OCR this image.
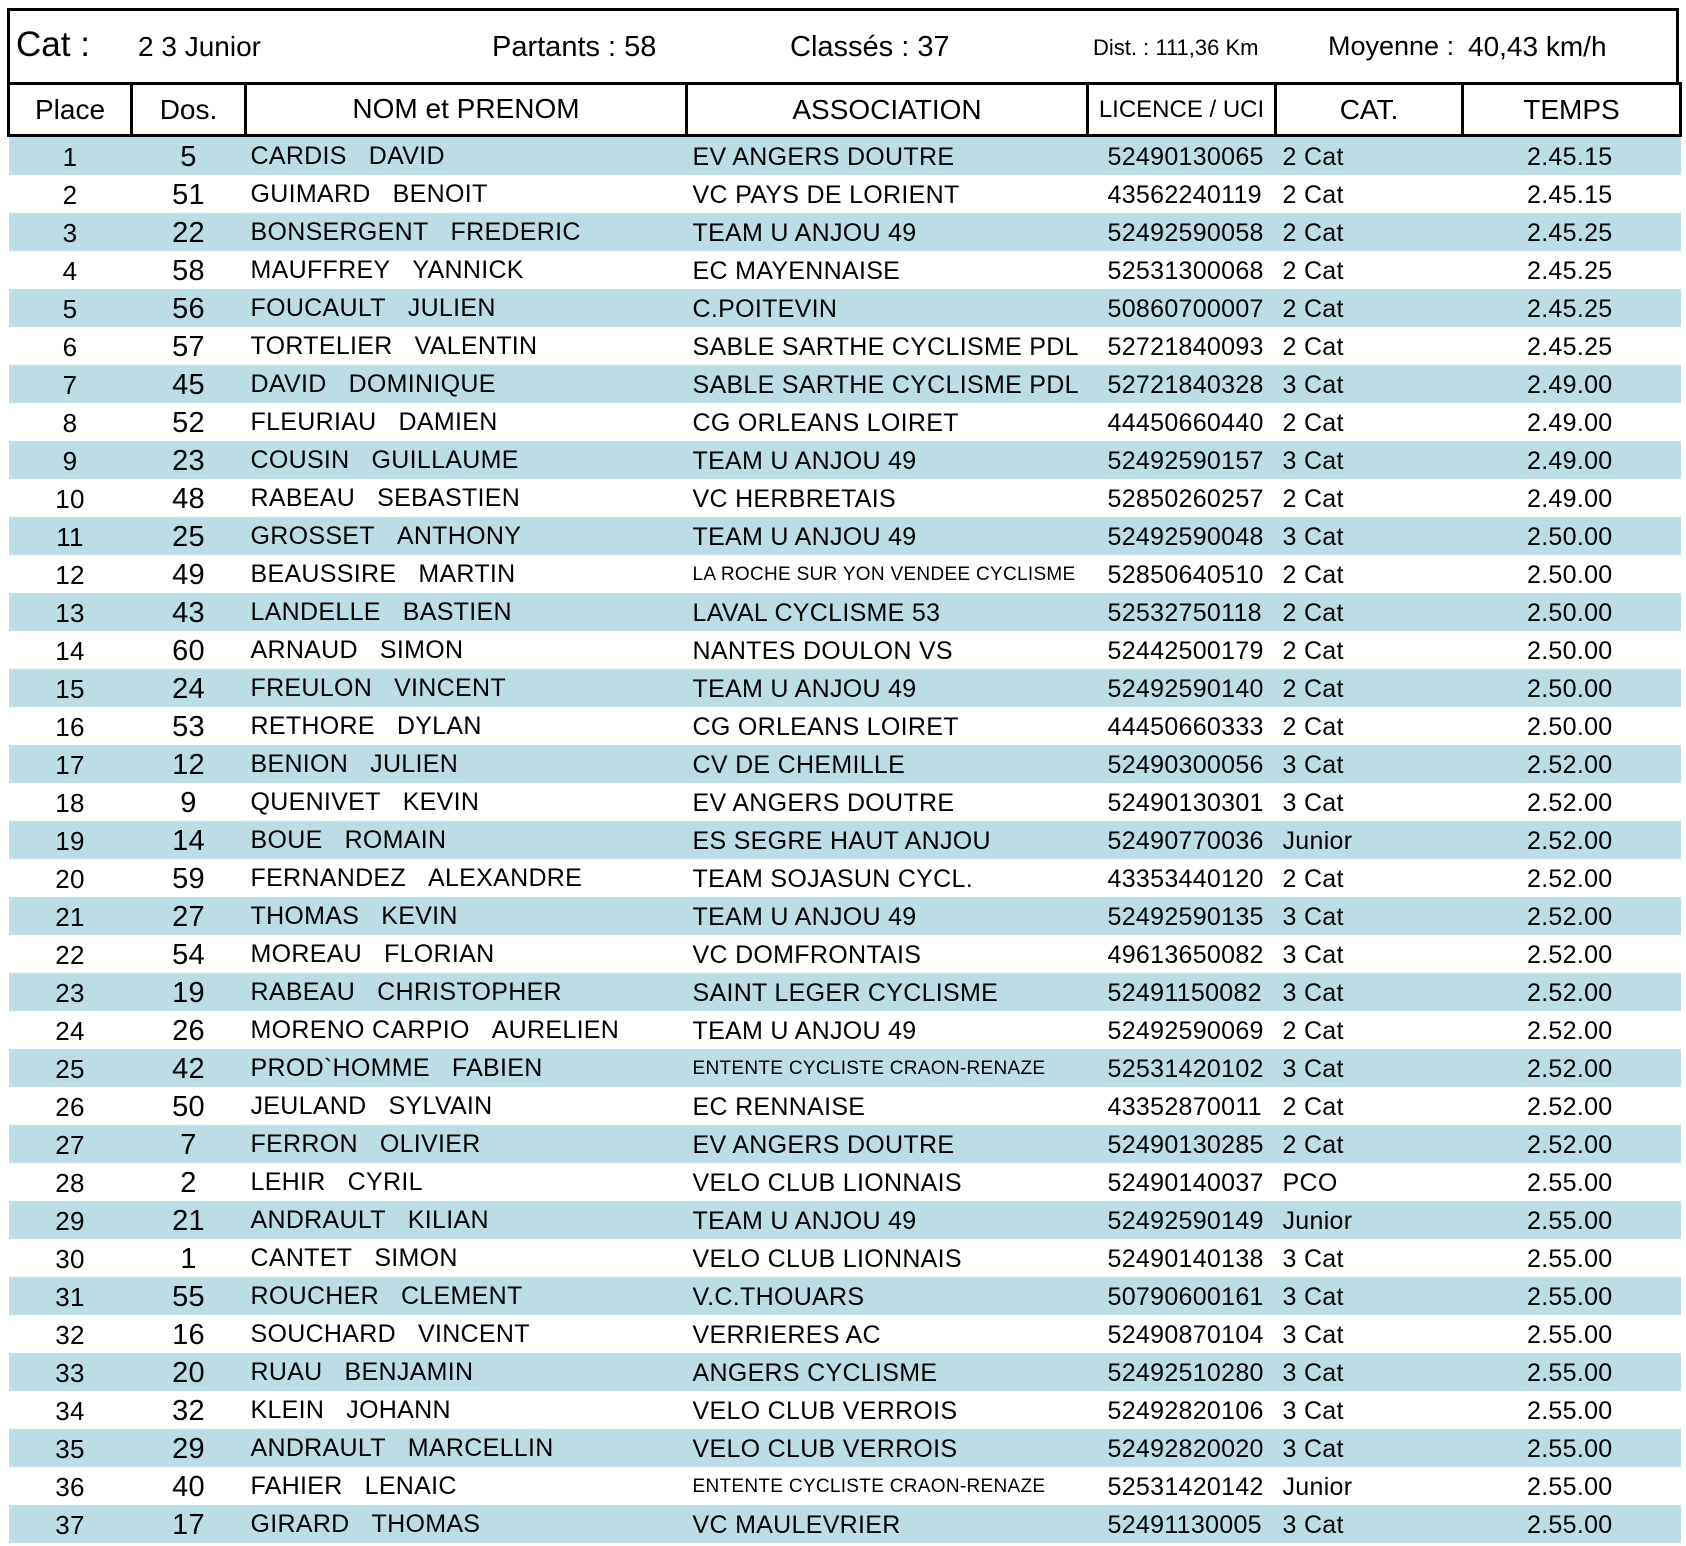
Cat : 2 3 Junior	Partants : 58	Classés : 37	Dist. : 111,36 Km	Moyenne : 40,43 km/h
Place	Dos.	NOM et PRENOM	ASSOCIATION	LICENCE / UCI	CAT.	TEMPS
1	5	CARDIS DAVID	EV ANGERS DOUTRE	52490130065	2 Cat	2.45.15
2	51	GUIMARD BENOIT	VC PAYS DE LORIENT	43562240119	2 Cat	2.45.15
3	22	BONSERGENT FREDERIC	TEAM U ANJOU 49	52492590058	2 Cat	2.45.25
4	58	MAUFFREY YANNICK	EC MAYENNAISE	52531300068	2 Cat	2.45.25
5	56	FOUCAULT JULIEN	C.POITEVIN	50860700007	2 Cat	2.45.25
6	57	TORTELIER VALENTIN	SABLE SARTHE CYCLISME PDL	52721840093	2 Cat	2.45.25
7	45	DAVID DOMINIQUE	SABLE SARTHE CYCLISME PDL	52721840328	3 Cat	2.49.00
8	52	FLEURIAU DAMIEN	CG ORLEANS LOIRET	44450660440	2 Cat	2.49.00
9	23	COUSIN GUILLAUME	TEAM U ANJOU 49	52492590157	3 Cat	2.49.00
10	48	RABEAU SEBASTIEN	VC HERBRETAIS	52850260257	2 Cat	2.49.00
11	25	GROSSET ANTHONY	TEAM U ANJOU 49	52492590048	3 Cat	2.50.00
12	49	BEAUSSIRE MARTIN	LA ROCHE SUR YON VENDEE CYCLISME	52850640510	2 Cat	2.50.00
13	43	LANDELLE BASTIEN	LAVAL CYCLISME 53	52532750118	2 Cat	2.50.00
14	60	ARNAUD SIMON	NANTES DOULON VS	52442500179	2 Cat	2.50.00
15	24	FREULON VINCENT	TEAM U ANJOU 49	52492590140	2 Cat	2.50.00
16	53	RETHORE DYLAN	CG ORLEANS LOIRET	44450660333	2 Cat	2.50.00
17	12	BENION JULIEN	CV DE CHEMILLE	52490300056	3 Cat	2.52.00
18	9	QUENIVET KEVIN	EV ANGERS DOUTRE	52490130301	3 Cat	2.52.00
19	14	BOUE ROMAIN	ES SEGRE HAUT ANJOU	52490770036	Junior	2.52.00
20	59	FERNANDEZ ALEXANDRE	TEAM SOJASUN CYCL.	43353440120	2 Cat	2.52.00
21	27	THOMAS KEVIN	TEAM U ANJOU 49	52492590135	3 Cat	2.52.00
22	54	MOREAU FLORIAN	VC DOMFRONTAIS	49613650082	3 Cat	2.52.00
23	19	RABEAU CHRISTOPHER	SAINT LEGER CYCLISME	52491150082	3 Cat	2.52.00
24	26	MORENO CARPIO AURELIEN	TEAM U ANJOU 49	52492590069	2 Cat	2.52.00
25	42	PROD`HOMME FABIEN	ENTENTE CYCLISTE CRAON-RENAZE	52531420102	3 Cat	2.52.00
26	50	JEULAND SYLVAIN	EC RENNAISE	43352870011	2 Cat	2.52.00
27	7	FERRON OLIVIER	EV ANGERS DOUTRE	52490130285	2 Cat	2.52.00
28	2	LEHIR CYRIL	VELO CLUB LIONNAIS	52490140037	PCO	2.55.00
29	21	ANDRAULT KILIAN	TEAM U ANJOU 49	52492590149	Junior	2.55.00
30	1	CANTET SIMON	VELO CLUB LIONNAIS	52490140138	3 Cat	2.55.00
31	55	ROUCHER CLEMENT	V.C.THOUARS	50790600161	3 Cat	2.55.00
32	16	SOUCHARD VINCENT	VERRIERES AC	52490870104	3 Cat	2.55.00
33	20	RUAU BENJAMIN	ANGERS CYCLISME	52492510280	3 Cat	2.55.00
34	32	KLEIN JOHANN	VELO CLUB VERROIS	52492820106	3 Cat	2.55.00
35	29	ANDRAULT MARCELLIN	VELO CLUB VERROIS	52492820020	3 Cat	2.55.00
36	40	FAHIER LENAIC	ENTENTE CYCLISTE CRAON-RENAZE	52531420142	Junior	2.55.00
37	17	GIRARD THOMAS	VC MAULEVRIER	52491130005	3 Cat	2.55.00
